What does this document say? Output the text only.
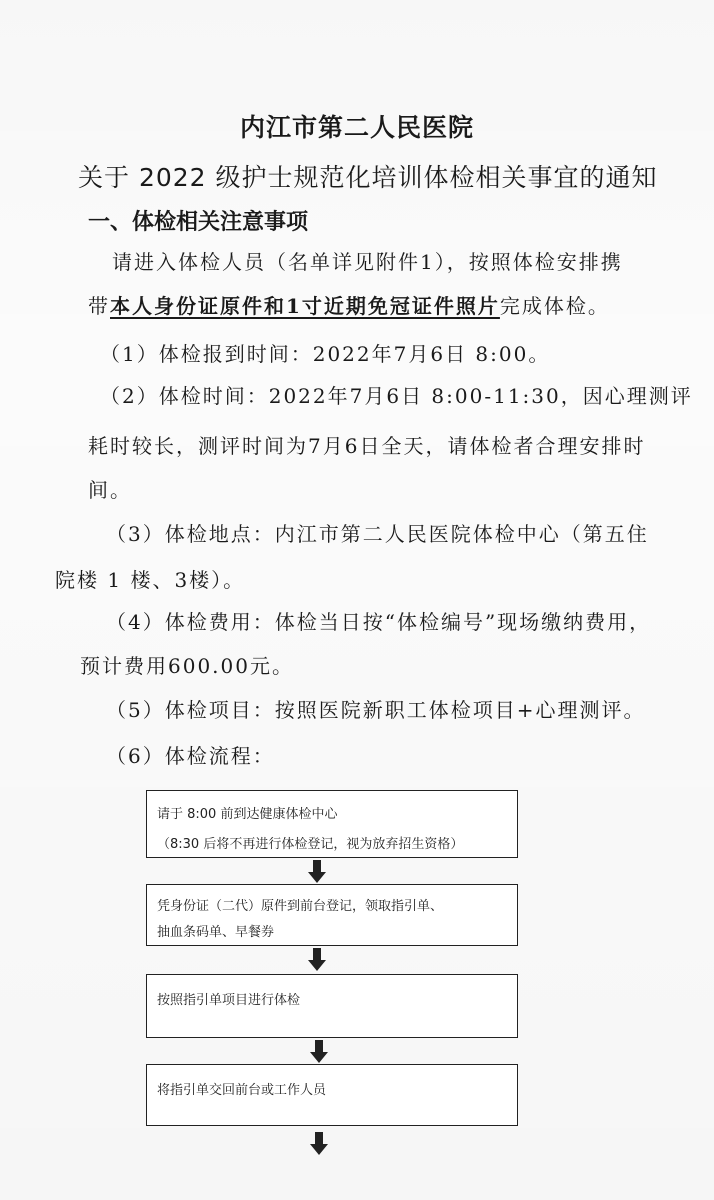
内江市第二人民医院
关于 2022 级护士规范化培训体检相关事宜的通知
一、体检相关注意事项
请进入体检人员（名单详见附件1），按照体检安排携
带本人身份证原件和1寸近期免冠证件照片完成体检。
（1）体检报到时间：2022年7月6日 8:00。
（2）体检时间：2022年7月6日 8:00-11:30，因心理测评
耗时较长，测评时间为7月6日全天，请体检者合理安排时
间。
（3）体检地点：内江市第二人民医院体检中心（第五住
院楼 1 楼、3楼）。
（4）体检费用：体检当日按“体检编号”现场缴纳费用，
预计费用600.00元。
（5）体检项目：按照医院新职工体检项目+心理测评。
（6）体检流程：
请于 8:00 前到达健康体检中心
（8:30 后将不再进行体检登记，视为放弃招生资格）
凭身份证（二代）原件到前台登记，领取指引单、
抽血条码单、早餐券
按照指引单项目进行体检
将指引单交回前台或工作人员
